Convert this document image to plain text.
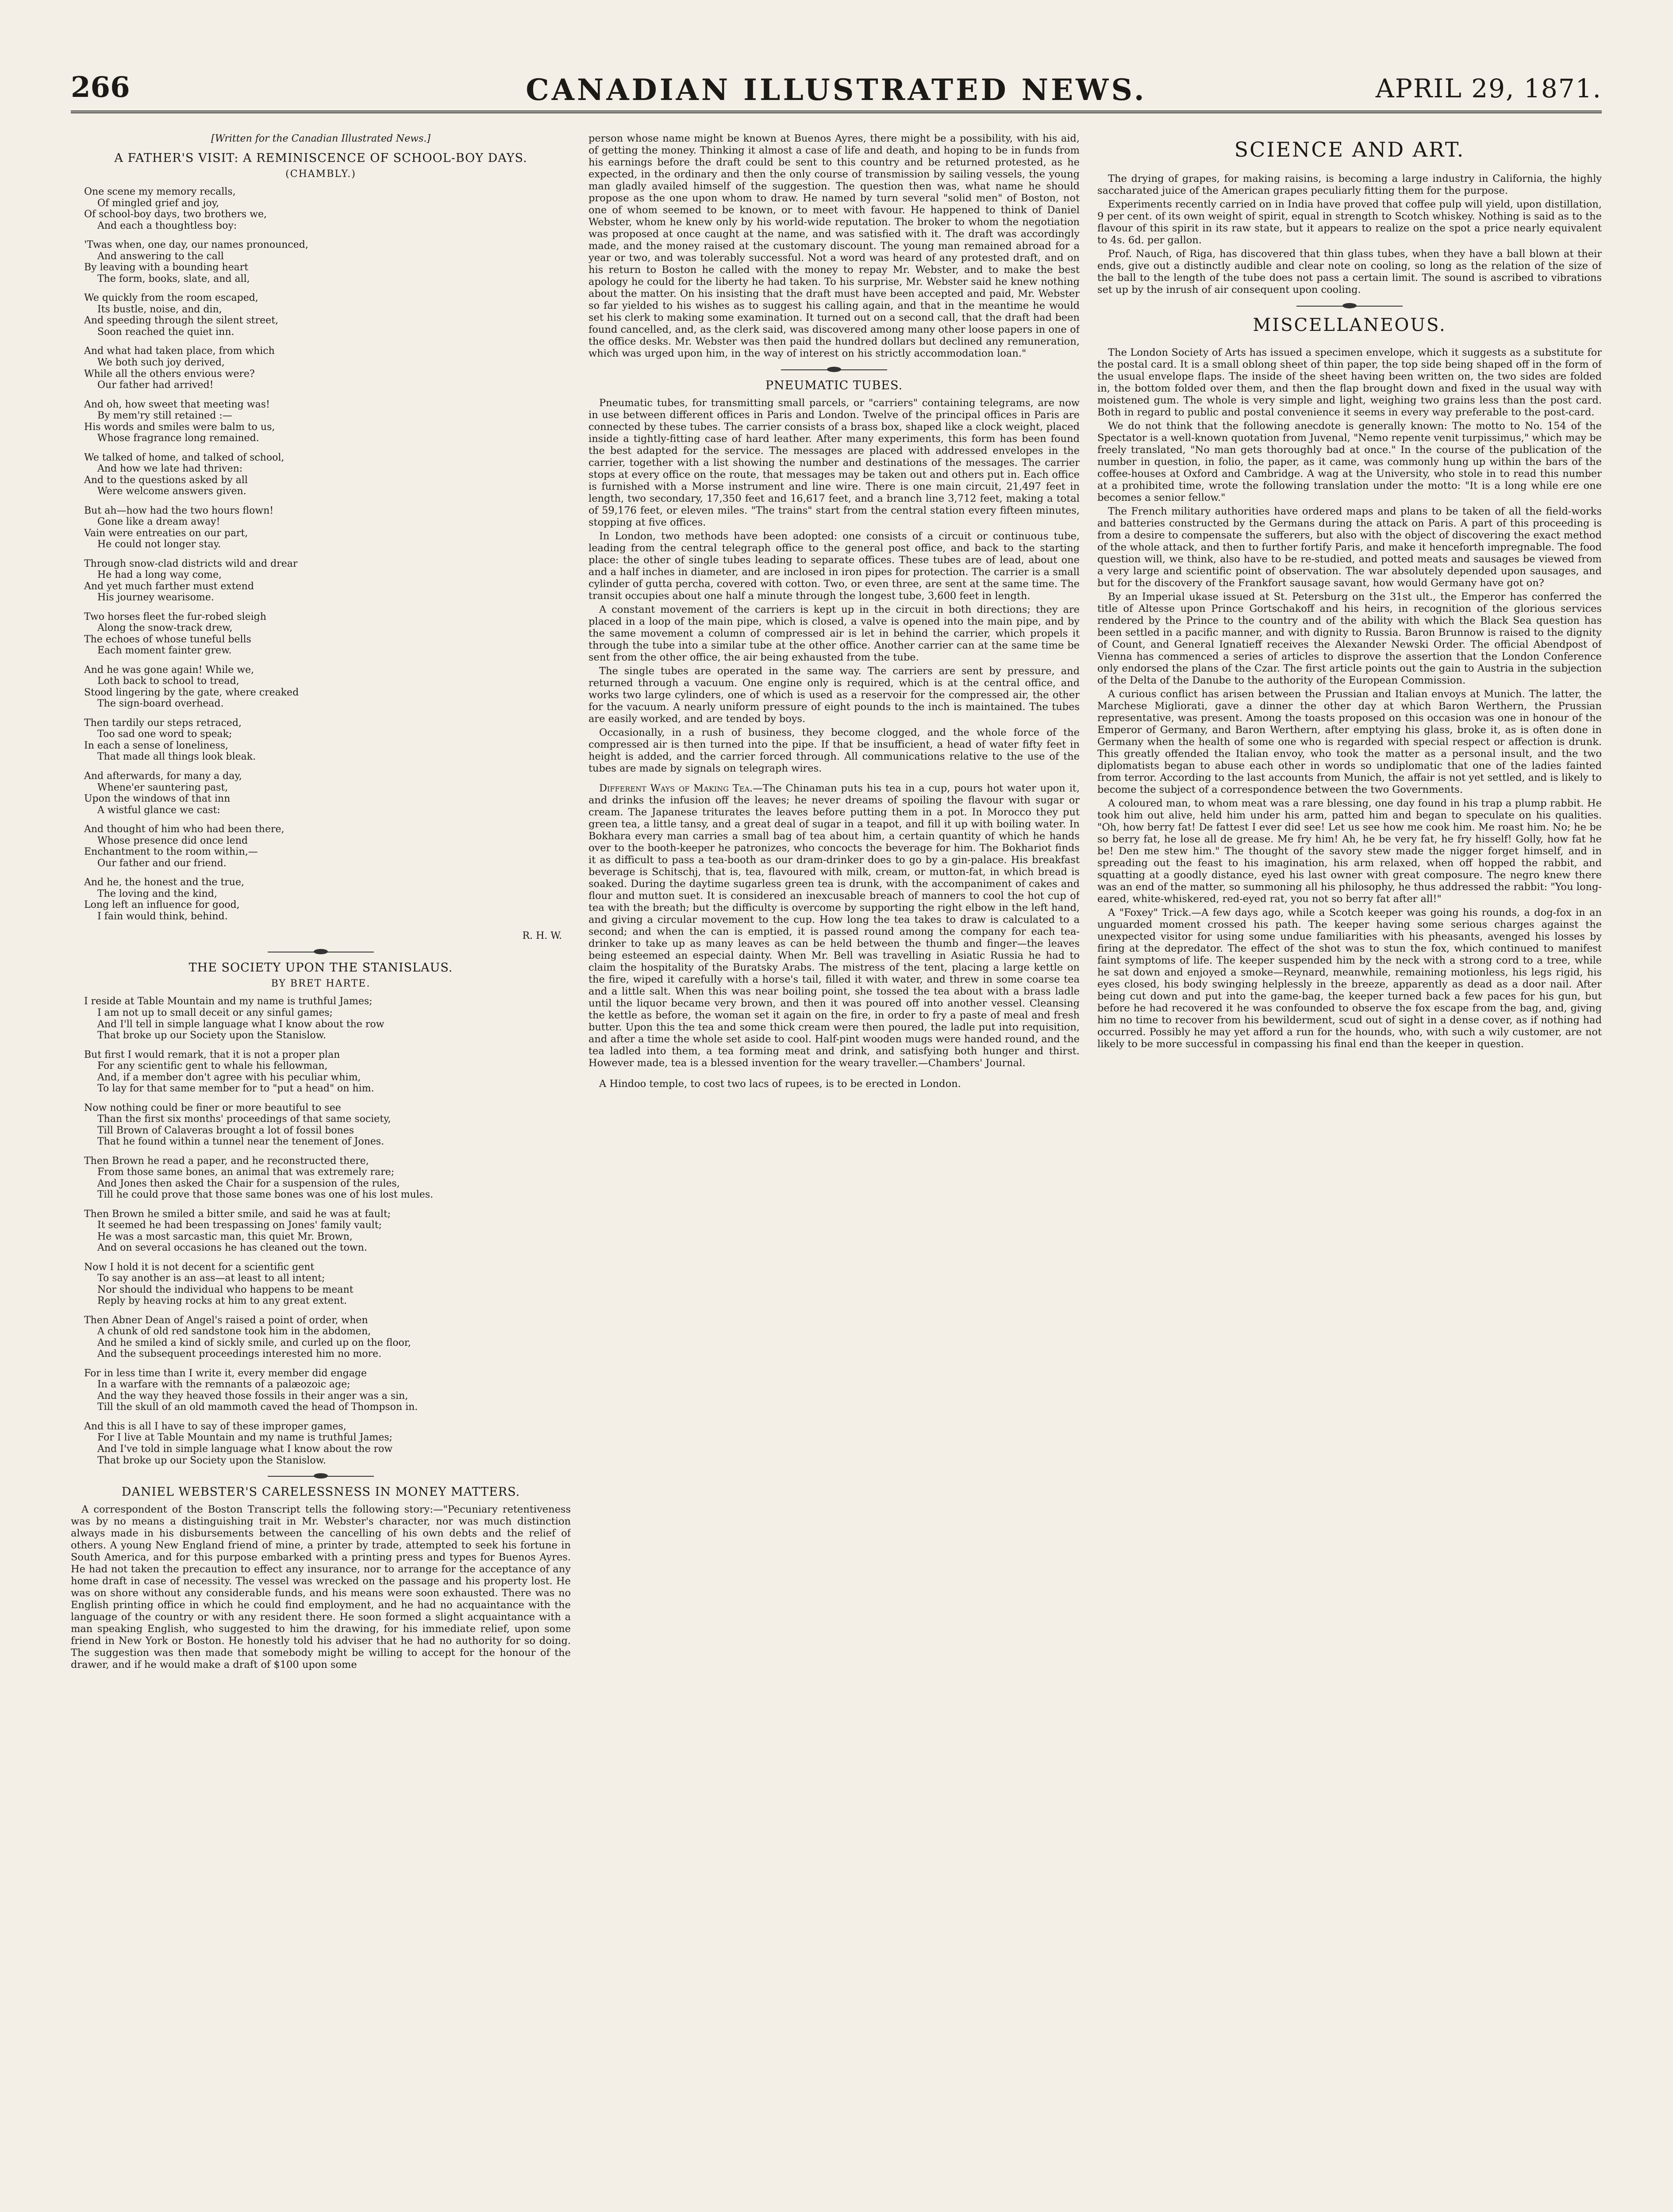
266	CANADIAN ILLUSTRATED NEWS.	APRIL 29, 1871.
[Written for the Canadian Illustrated News.]
A FATHER'S VISIT: A REMINISCENCE OF SCHOOL-BOY DAYS.
(CHAMBLY.)
One scene my memory recalls,
Of mingled grief and joy,
Of school-boy days, two brothers we,
And each a thoughtless boy:
'Twas when, one day, our names pronounced,
And answering to the call
By leaving with a bounding heart
The form, books, slate, and all,
We quickly from the room escaped,
Its bustle, noise, and din,
And speeding through the silent street,
Soon reached the quiet inn.
And what had taken place, from which
We both such joy derived,
While all the others envious were?
Our father had arrived!
And oh, how sweet that meeting was!
By mem'ry still retained :—
His words and smiles were balm to us,
Whose fragrance long remained.
We talked of home, and talked of school,
And how we late had thriven:
And to the questions asked by all
Were welcome answers given.
But ah—how had the two hours flown!
Gone like a dream away!
Vain were entreaties on our part,
He could not longer stay.
Through snow-clad districts wild and drear
He had a long way come,
And yet much farther must extend
His journey wearisome.
Two horses fleet the fur-robed sleigh
Along the snow-track drew,
The echoes of whose tuneful bells
Each moment fainter grew.
And he was gone again! While we,
Loth back to school to tread,
Stood lingering by the gate, where creaked
The sign-board overhead.
Then tardily our steps retraced,
Too sad one word to speak;
In each a sense of loneliness,
That made all things look bleak.
And afterwards, for many a day,
Whene'er sauntering past,
Upon the windows of that inn
A wistful glance we cast:
And thought of him who had been there,
Whose presence did once lend
Enchantment to the room within,—
Our father and our friend.
And he, the honest and the true,
The loving and the kind,
Long left an influence for good,
I fain would think, behind.
R. H. W.
THE SOCIETY UPON THE STANISLAUS.
BY BRET HARTE.
I reside at Table Mountain and my name is truthful James;
I am not up to small deceit or any sinful games;
And I'll tell in simple language what I know about the row
That broke up our Society upon the Stanislow.
But first I would remark, that it is not a proper plan
For any scientific gent to whale his fellowman,
And, if a member don't agree with his peculiar whim,
To lay for that same member for to "put a head" on him.
Now nothing could be finer or more beautiful to see
Than the first six months' proceedings of that same society,
Till Brown of Calaveras brought a lot of fossil bones
That he found within a tunnel near the tenement of Jones.
Then Brown he read a paper, and he reconstructed there,
From those same bones, an animal that was extremely rare;
And Jones then asked the Chair for a suspension of the rules,
Till he could prove that those same bones was one of his lost mules.
Then Brown he smiled a bitter smile, and said he was at fault;
It seemed he had been trespassing on Jones' family vault;
He was a most sarcastic man, this quiet Mr. Brown,
And on several occasions he has cleaned out the town.
Now I hold it is not decent for a scientific gent
To say another is an ass—at least to all intent;
Nor should the individual who happens to be meant
Reply by heaving rocks at him to any great extent.
Then Abner Dean of Angel's raised a point of order, when
A chunk of old red sandstone took him in the abdomen,
And he smiled a kind of sickly smile, and curled up on the floor,
And the subsequent proceedings interested him no more.
For in less time than I write it, every member did engage
In a warfare with the remnants of a palæozoic age;
And the way they heaved those fossils in their anger was a sin,
Till the skull of an old mammoth caved the head of Thompson in.
And this is all I have to say of these improper games,
For I live at Table Mountain and my name is truthful James;
And I've told in simple language what I know about the row
That broke up our Society upon the Stanislow.
DANIEL WEBSTER'S CARELESSNESS IN MONEY MATTERS.

A correspondent of the Boston Transcript tells the following story:—"Pecuniary retentiveness was by no means a distinguishing trait in Mr. Webster's character, nor was much distinction always made in his disbursements between the cancelling of his own debts and the relief of others. A young New England friend of mine, a printer by trade, attempted to seek his fortune in South America, and for this purpose embarked with a printing press and types for Buenos Ayres. He had not taken the precaution to effect any insurance, nor to arrange for the acceptance of any home draft in case of necessity. The vessel was wrecked on the passage and his property lost. He was on shore without any considerable funds, and his means were soon exhausted. There was no English printing office in which he could find employment, and he had no acquaintance with the language of the country or with any resident there. He soon formed a slight acquaintance with a man speaking English, who suggested to him the drawing, for his immediate relief, upon some friend in New York or Boston. He honestly told his adviser that he had no authority for so doing. The suggestion was then made that somebody might be willing to accept for the honour of the drawer, and if he would make a draft of $100 upon some

person whose name might be known at Buenos Ayres, there might be a possibility, with his aid, of getting the money. Thinking it almost a case of life and death, and hoping to be in funds from his earnings before the draft could be sent to this country and be returned protested, as he expected, in the ordinary and then the only course of transmission by sailing vessels, the young man gladly availed himself of the suggestion. The question then was, what name he should propose as the one upon whom to draw. He named by turn several "solid men" of Boston, not one of whom seemed to be known, or to meet with favour. He happened to think of Daniel Webster, whom he knew only by his world-wide reputation. The broker to whom the negotiation was proposed at once caught at the name, and was satisfied with it. The draft was accordingly made, and the money raised at the customary discount. The young man remained abroad for a year or two, and was tolerably successful. Not a word was heard of any protested draft, and on his return to Boston he called with the money to repay Mr. Webster, and to make the best apology he could for the liberty he had taken. To his surprise, Mr. Webster said he knew nothing about the matter. On his insisting that the draft must have been accepted and paid, Mr. Webster so far yielded to his wishes as to suggest his calling again, and that in the meantime he would set his clerk to making some examination. It turned out on a second call, that the draft had been found cancelled, and, as the clerk said, was discovered among many other loose papers in one of the office desks. Mr. Webster was then paid the hundred dollars but declined any remuneration, which was urged upon him, in the way of interest on his strictly accommodation loan."

PNEUMATIC TUBES.

Pneumatic tubes, for transmitting small parcels, or "carriers" containing telegrams, are now in use between different offices in Paris and London. Twelve of the principal offices in Paris are connected by these tubes. The carrier consists of a brass box, shaped like a clock weight, placed inside a tightly-fitting case of hard leather. After many experiments, this form has been found the best adapted for the service. The messages are placed with addressed envelopes in the carrier, together with a list showing the number and destinations of the messages. The carrier stops at every office on the route, that messages may be taken out and others put in. Each office is furnished with a Morse instrument and line wire. There is one main circuit, 21,497 feet in length, two secondary, 17,350 feet and 16,617 feet, and a branch line 3,712 feet, making a total of 59,176 feet, or eleven miles. "The trains" start from the central station every fifteen minutes, stopping at five offices.

In London, two methods have been adopted: one consists of a circuit or continuous tube, leading from the central telegraph office to the general post office, and back to the starting place: the other of single tubes leading to separate offices. These tubes are of lead, about one and a half inches in diameter, and are inclosed in iron pipes for protection. The carrier is a small cylinder of gutta percha, covered with cotton. Two, or even three, are sent at the same time. The transit occupies about one half a minute through the longest tube, 3,600 feet in length.

A constant movement of the carriers is kept up in the circuit in both directions; they are placed in a loop of the main pipe, which is closed, a valve is opened into the main pipe, and by the same movement a column of compressed air is let in behind the carrier, which propels it through the tube into a similar tube at the other office. Another carrier can at the same time be sent from the other office, the air being exhausted from the tube.

The single tubes are operated in the same way. The carriers are sent by pressure, and returned through a vacuum. One engine only is required, which is at the central office, and works two large cylinders, one of which is used as a reservoir for the compressed air, the other for the vacuum. A nearly uniform pressure of eight pounds to the inch is maintained. The tubes are easily worked, and are tended by boys.

Occasionally, in a rush of business, they become clogged, and the whole force of the compressed air is then turned into the pipe. If that be insufficient, a head of water fifty feet in height is added, and the carrier forced through. All communications relative to the use of the tubes are made by signals on telegraph wires.

Different Ways of Making Tea.—The Chinaman puts his tea in a cup, pours hot water upon it, and drinks the infusion off the leaves; he never dreams of spoiling the flavour with sugar or cream. The Japanese triturates the leaves before putting them in a pot. In Morocco they put green tea, a little tansy, and a great deal of sugar in a teapot, and fill it up with boiling water. In Bokhara every man carries a small bag of tea about him, a certain quantity of which he hands over to the booth-keeper he patronizes, who concocts the beverage for him. The Bokhariot finds it as difficult to pass a tea-booth as our dram-drinker does to go by a gin-palace. His breakfast beverage is Schitschj, that is, tea, flavoured with milk, cream, or mutton-fat, in which bread is soaked. During the daytime sugarless green tea is drunk, with the accompaniment of cakes and flour and mutton suet. It is considered an inexcusable breach of manners to cool the hot cup of tea with the breath; but the difficulty is overcome by supporting the right elbow in the left hand, and giving a circular movement to the cup. How long the tea takes to draw is calculated to a second; and when the can is emptied, it is passed round among the company for each tea-drinker to take up as many leaves as can be held between the thumb and finger—the leaves being esteemed an especial dainty. When Mr. Bell was travelling in Asiatic Russia he had to claim the hospitality of the Buratsky Arabs. The mistress of the tent, placing a large kettle on the fire, wiped it carefully with a horse's tail, filled it with water, and threw in some coarse tea and a little salt. When this was near boiling point, she tossed the tea about with a brass ladle until the liquor became very brown, and then it was poured off into another vessel. Cleansing the kettle as before, the woman set it again on the fire, in order to fry a paste of meal and fresh butter. Upon this the tea and some thick cream were then poured, the ladle put into requisition, and after a time the whole set aside to cool. Half-pint wooden mugs were handed round, and the tea ladled into them, a tea forming meat and drink, and satisfying both hunger and thirst. However made, tea is a blessed invention for the weary traveller.—Chambers' Journal.

A Hindoo temple, to cost two lacs of rupees, is to be erected in London.

SCIENCE AND ART.

The drying of grapes, for making raisins, is becoming a large industry in California, the highly saccharated juice of the American grapes peculiarly fitting them for the purpose.

Experiments recently carried on in India have proved that coffee pulp will yield, upon distillation, 9 per cent. of its own weight of spirit, equal in strength to Scotch whiskey. Nothing is said as to the flavour of this spirit in its raw state, but it appears to realize on the spot a price nearly equivalent to 4s. 6d. per gallon.

Prof. Nauch, of Riga, has discovered that thin glass tubes, when they have a ball blown at their ends, give out a distinctly audible and clear note on cooling, so long as the relation of the size of the ball to the length of the tube does not pass a certain limit. The sound is ascribed to vibrations set up by the inrush of air consequent upon cooling.

MISCELLANEOUS.

The London Society of Arts has issued a specimen envelope, which it suggests as a substitute for the postal card. It is a small oblong sheet of thin paper, the top side being shaped off in the form of the usual envelope flaps. The inside of the sheet having been written on, the two sides are folded in, the bottom folded over them, and then the flap brought down and fixed in the usual way with moistened gum. The whole is very simple and light, weighing two grains less than the post card. Both in regard to public and postal convenience it seems in every way preferable to the post-card.

We do not think that the following anecdote is generally known: The motto to No. 154 of the Spectator is a well-known quotation from Juvenal, "Nemo repente venit turpissimus," which may be freely translated, "No man gets thoroughly bad at once." In the course of the publication of the number in question, in folio, the paper, as it came, was commonly hung up within the bars of the coffee-houses at Oxford and Cambridge. A wag at the University, who stole in to read this number at a prohibited time, wrote the following translation under the motto: "It is a long while ere one becomes a senior fellow."

The French military authorities have ordered maps and plans to be taken of all the field-works and batteries constructed by the Germans during the attack on Paris. A part of this proceeding is from a desire to compensate the sufferers, but also with the object of discovering the exact method of the whole attack, and then to further fortify Paris, and make it henceforth impregnable. The food question will, we think, also have to be re-studied, and potted meats and sausages be viewed from a very large and scientific point of observation. The war absolutely depended upon sausages, and but for the discovery of the Frankfort sausage savant, how would Germany have got on?

By an Imperial ukase issued at St. Petersburg on the 31st ult., the Emperor has conferred the title of Altesse upon Prince Gortschakoff and his heirs, in recognition of the glorious services rendered by the Prince to the country and of the ability with which the Black Sea question has been settled in a pacific manner, and with dignity to Russia. Baron Brunnow is raised to the dignity of Count, and General Ignatieff receives the Alexander Newski Order. The official Abendpost of Vienna has commenced a series of articles to disprove the assertion that the London Conference only endorsed the plans of the Czar. The first article points out the gain to Austria in the subjection of the Delta of the Danube to the authority of the European Commission.

A curious conflict has arisen between the Prussian and Italian envoys at Munich. The latter, the Marchese Migliorati, gave a dinner the other day at which Baron Werthern, the Prussian representative, was present. Among the toasts proposed on this occasion was one in honour of the Emperor of Germany, and Baron Werthern, after emptying his glass, broke it, as is often done in Germany when the health of some one who is regarded with special respect or affection is drunk. This greatly offended the Italian envoy, who took the matter as a personal insult, and the two diplomatists began to abuse each other in words so undiplomatic that one of the ladies fainted from terror. According to the last accounts from Munich, the affair is not yet settled, and is likely to become the subject of a correspondence between the two Governments.

A coloured man, to whom meat was a rare blessing, one day found in his trap a plump rabbit. He took him out alive, held him under his arm, patted him and began to speculate on his qualities. "Oh, how berry fat! De fattest I ever did see! Let us see how me cook him. Me roast him. No; he be so berry fat, he lose all de grease. Me fry him! Ah, he be very fat, he fry hisself! Golly, how fat he be! Den me stew him." The thought of the savory stew made the nigger forget himself, and in spreading out the feast to his imagination, his arm relaxed, when off hopped the rabbit, and squatting at a goodly distance, eyed his last owner with great composure. The negro knew there was an end of the matter, so summoning all his philosophy, he thus addressed the rabbit: "You long-eared, white-whiskered, red-eyed rat, you not so berry fat after all!"

A "Foxey" Trick.—A few days ago, while a Scotch keeper was going his rounds, a dog-fox in an unguarded moment crossed his path. The keeper having some serious charges against the unexpected visitor for using some undue familiarities with his pheasants, avenged his losses by firing at the depredator. The effect of the shot was to stun the fox, which continued to manifest faint symptoms of life. The keeper suspended him by the neck with a strong cord to a tree, while he sat down and enjoyed a smoke—Reynard, meanwhile, remaining motionless, his legs rigid, his eyes closed, his body swinging helplessly in the breeze, apparently as dead as a door nail. After being cut down and put into the game-bag, the keeper turned back a few paces for his gun, but before he had recovered it he was confounded to observe the fox escape from the bag, and, giving him no time to recover from his bewilderment, scud out of sight in a dense cover, as if nothing had occurred. Possibly he may yet afford a run for the hounds, who, with such a wily customer, are not likely to be more successful in compassing his final end than the keeper in question.
